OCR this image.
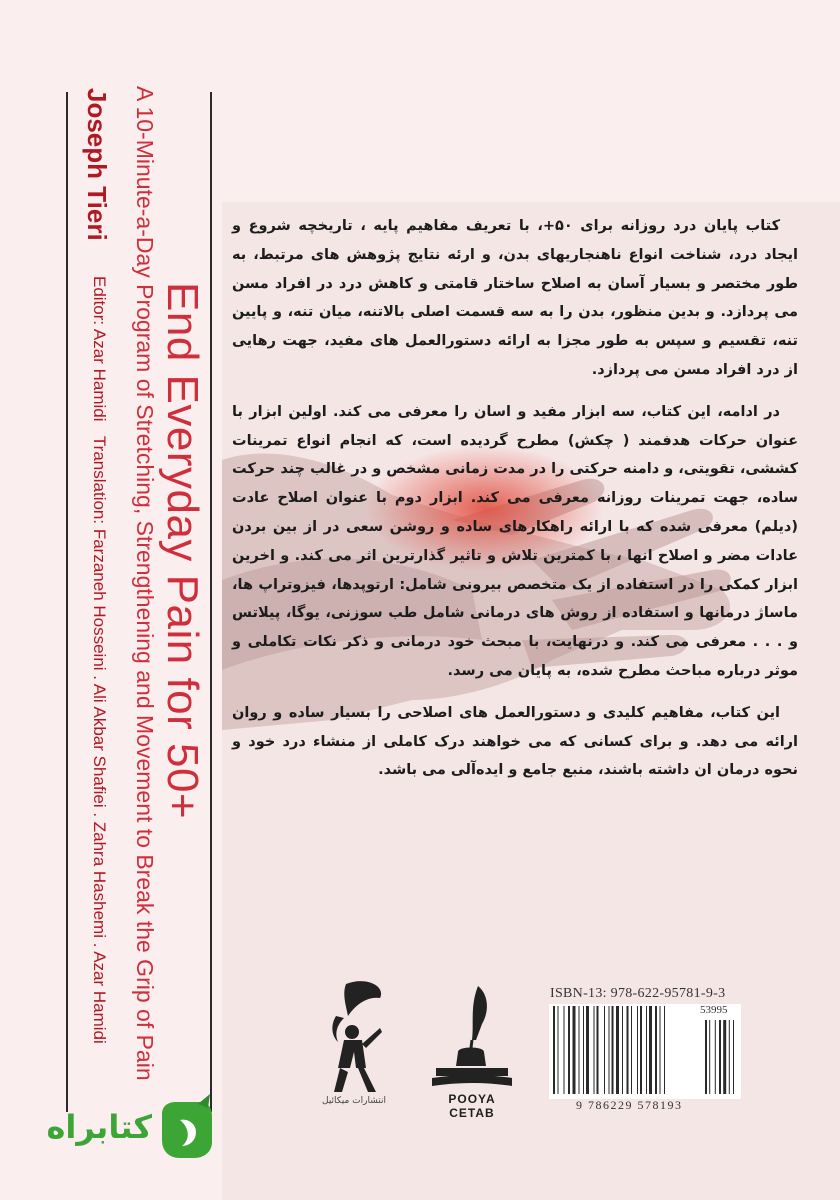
End Everyday Pain for 50+
A 10-Minute-a-Day Program of Stretching, Strengthening and Movement to Break the Grip of Pain
Joseph Tieri
Editor: Azar Hamidi Translation: Farzaneh Hosseini . Ali Akbar Shafiei . Zahra Hashemi . Azar Hamidi

کتاب پایان درد روزانه برای ۵۰+، با تعریف مفاهیم پایه ، تاریخچه شروع و ایجاد درد، شناخت انواع ناهنجاریهای بدن، و ارئه نتایج پژوهش های مرتبط، به طور مختصر و بسیار آسان به اصلاح ساختار قامتی و کاهش درد در افراد مسن می پردازد. و بدین منظور، بدن را به سه قسمت اصلی بالاتنه، میان تنه، و پایین تنه، تقسیم و سپس به طور مجزا به ارائه دستورالعمل های مفید، جهت رهایی از درد افراد مسن می پردازد.

در ادامه، این کتاب، سه ابزار مفید و اسان را معرفی می کند. اولین ابزار با عنوان حرکات هدفمند ( چکش) مطرح گردیده است، که انجام انواع تمرینات کششی، تقویتی، و دامنه حرکتی را در مدت زمانی مشخص و در غالب چند حرکت ساده، جهت تمرینات روزانه معرفی می کند. ابزار دوم با عنوان اصلاح عادت (دیلم) معرفی شده که با ارائه راهکارهای ساده و روشن سعی در از بین بردن عادات مضر و اصلاح انها ، با کمترین تلاش و تاثیر گذارترین اثر می کند. و اخرین ابزار کمکی را در استفاده از یک متخصص بیرونی شامل: ارتوپدها، فیزوتراپ ها، ماساژ درمانها و استفاده از روش های درمانی شامل طب سوزنی، یوگا، پیلاتس و . . . معرفی می کند. و درنهایت، با مبحث خود درمانی و ذکر نکات تکاملی و موثر درباره مباحث مطرح شده، به پایان می رسد.

این کتاب، مفاهیم کلیدی و دستورالعمل های اصلاحی را بسیار ساده و روان ارائه می دهد. و برای کسانی که می خواهند درک کاملی از منشاء درد خود و نحوه درمان ان داشته باشند، منبع جامع و ایده‌آلی می باشد.

انتشارات میکائیل	POOYA CETAB
ISBN-13: 978-622-95781-9-3
53995
9 786229 578193
کتابراه
